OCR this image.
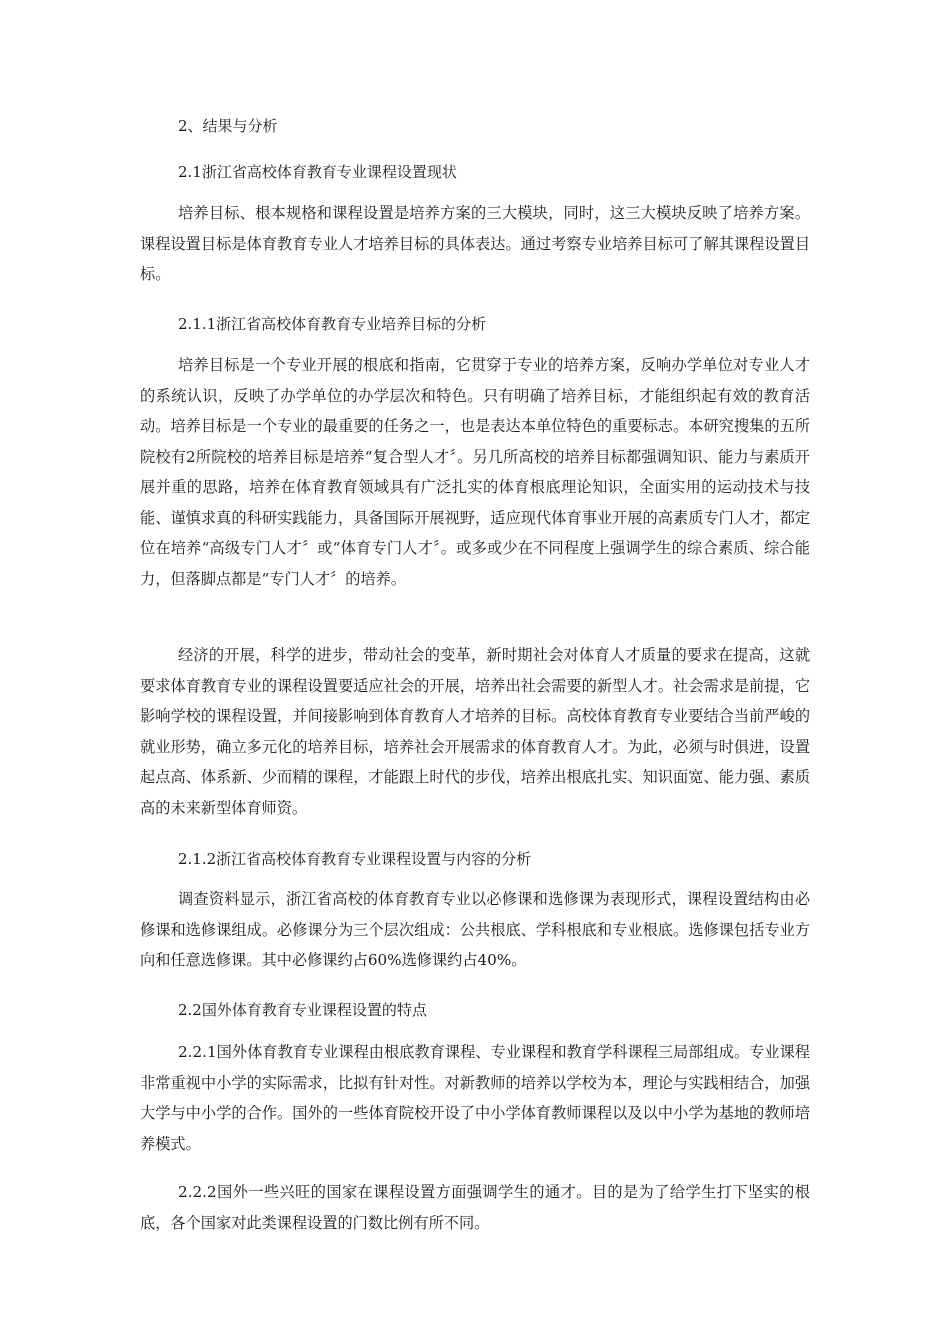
2、结果与分析
2.1浙江省高校体育教育专业课程设置现状

培养目标、根本规格和课程设置是培养方案的三大模块，同时，这三大模块反映了培养方案。课程设置目标是体育教育专业人才培养目标的具体表达。通过考察专业培养目标可了解其课程设置目标。

2.1.1浙江省高校体育教育专业培养目标的分析

培养目标是一个专业开展的根底和指南，它贯穿于专业的培养方案，反响办学单位对专业人才的系统认识，反映了办学单位的办学层次和特色。只有明确了培养目标，才能组织起有效的教育活动。培养目标是一个专业的最重要的任务之一，也是表达本单位特色的重要标志。本研究搜集的五所院校有2所院校的培养目标是培养“复合型人才〞。另几所高校的培养目标都强调知识、能力与素质开展并重的思路，培养在体育教育领域具有广泛扎实的体育根底理论知识，全面实用的运动技术与技能、谨慎求真的科研实践能力，具备国际开展视野，适应现代体育事业开展的高素质专门人才，都定位在培养“高级专门人才〞或“体育专门人才〞。或多或少在不同程度上强调学生的综合素质、综合能力，但落脚点都是“专门人才〞的培养。

经济的开展，科学的进步，带动社会的变革，新时期社会对体育人才质量的要求在提高，这就要求体育教育专业的课程设置要适应社会的开展，培养出社会需要的新型人才。社会需求是前提，它影响学校的课程设置，并间接影响到体育教育人才培养的目标。高校体育教育专业要结合当前严峻的就业形势，确立多元化的培养目标，培养社会开展需求的体育教育人才。为此，必须与时俱进，设置起点高、体系新、少而精的课程，才能跟上时代的步伐，培养出根底扎实、知识面宽、能力强、素质高的未来新型体育师资。

2.1.2浙江省高校体育教育专业课程设置与内容的分析

调查资料显示，浙江省高校的体育教育专业以必修课和选修课为表现形式，课程设置结构由必修课和选修课组成。必修课分为三个层次组成：公共根底、学科根底和专业根底。选修课包括专业方向和任意选修课。其中必修课约占60%选修课约占40%。

2.2国外体育教育专业课程设置的特点

2.2.1国外体育教育专业课程由根底教育课程、专业课程和教育学科课程三局部组成。专业课程非常重视中小学的实际需求，比拟有针对性。对新教师的培养以学校为本，理论与实践相结合，加强大学与中小学的合作。国外的一些体育院校开设了中小学体育教师课程以及以中小学为基地的教师培养模式。

2.2.2国外一些兴旺的国家在课程设置方面强调学生的通才。目的是为了给学生打下坚实的根底，各个国家对此类课程设置的门数比例有所不同。
